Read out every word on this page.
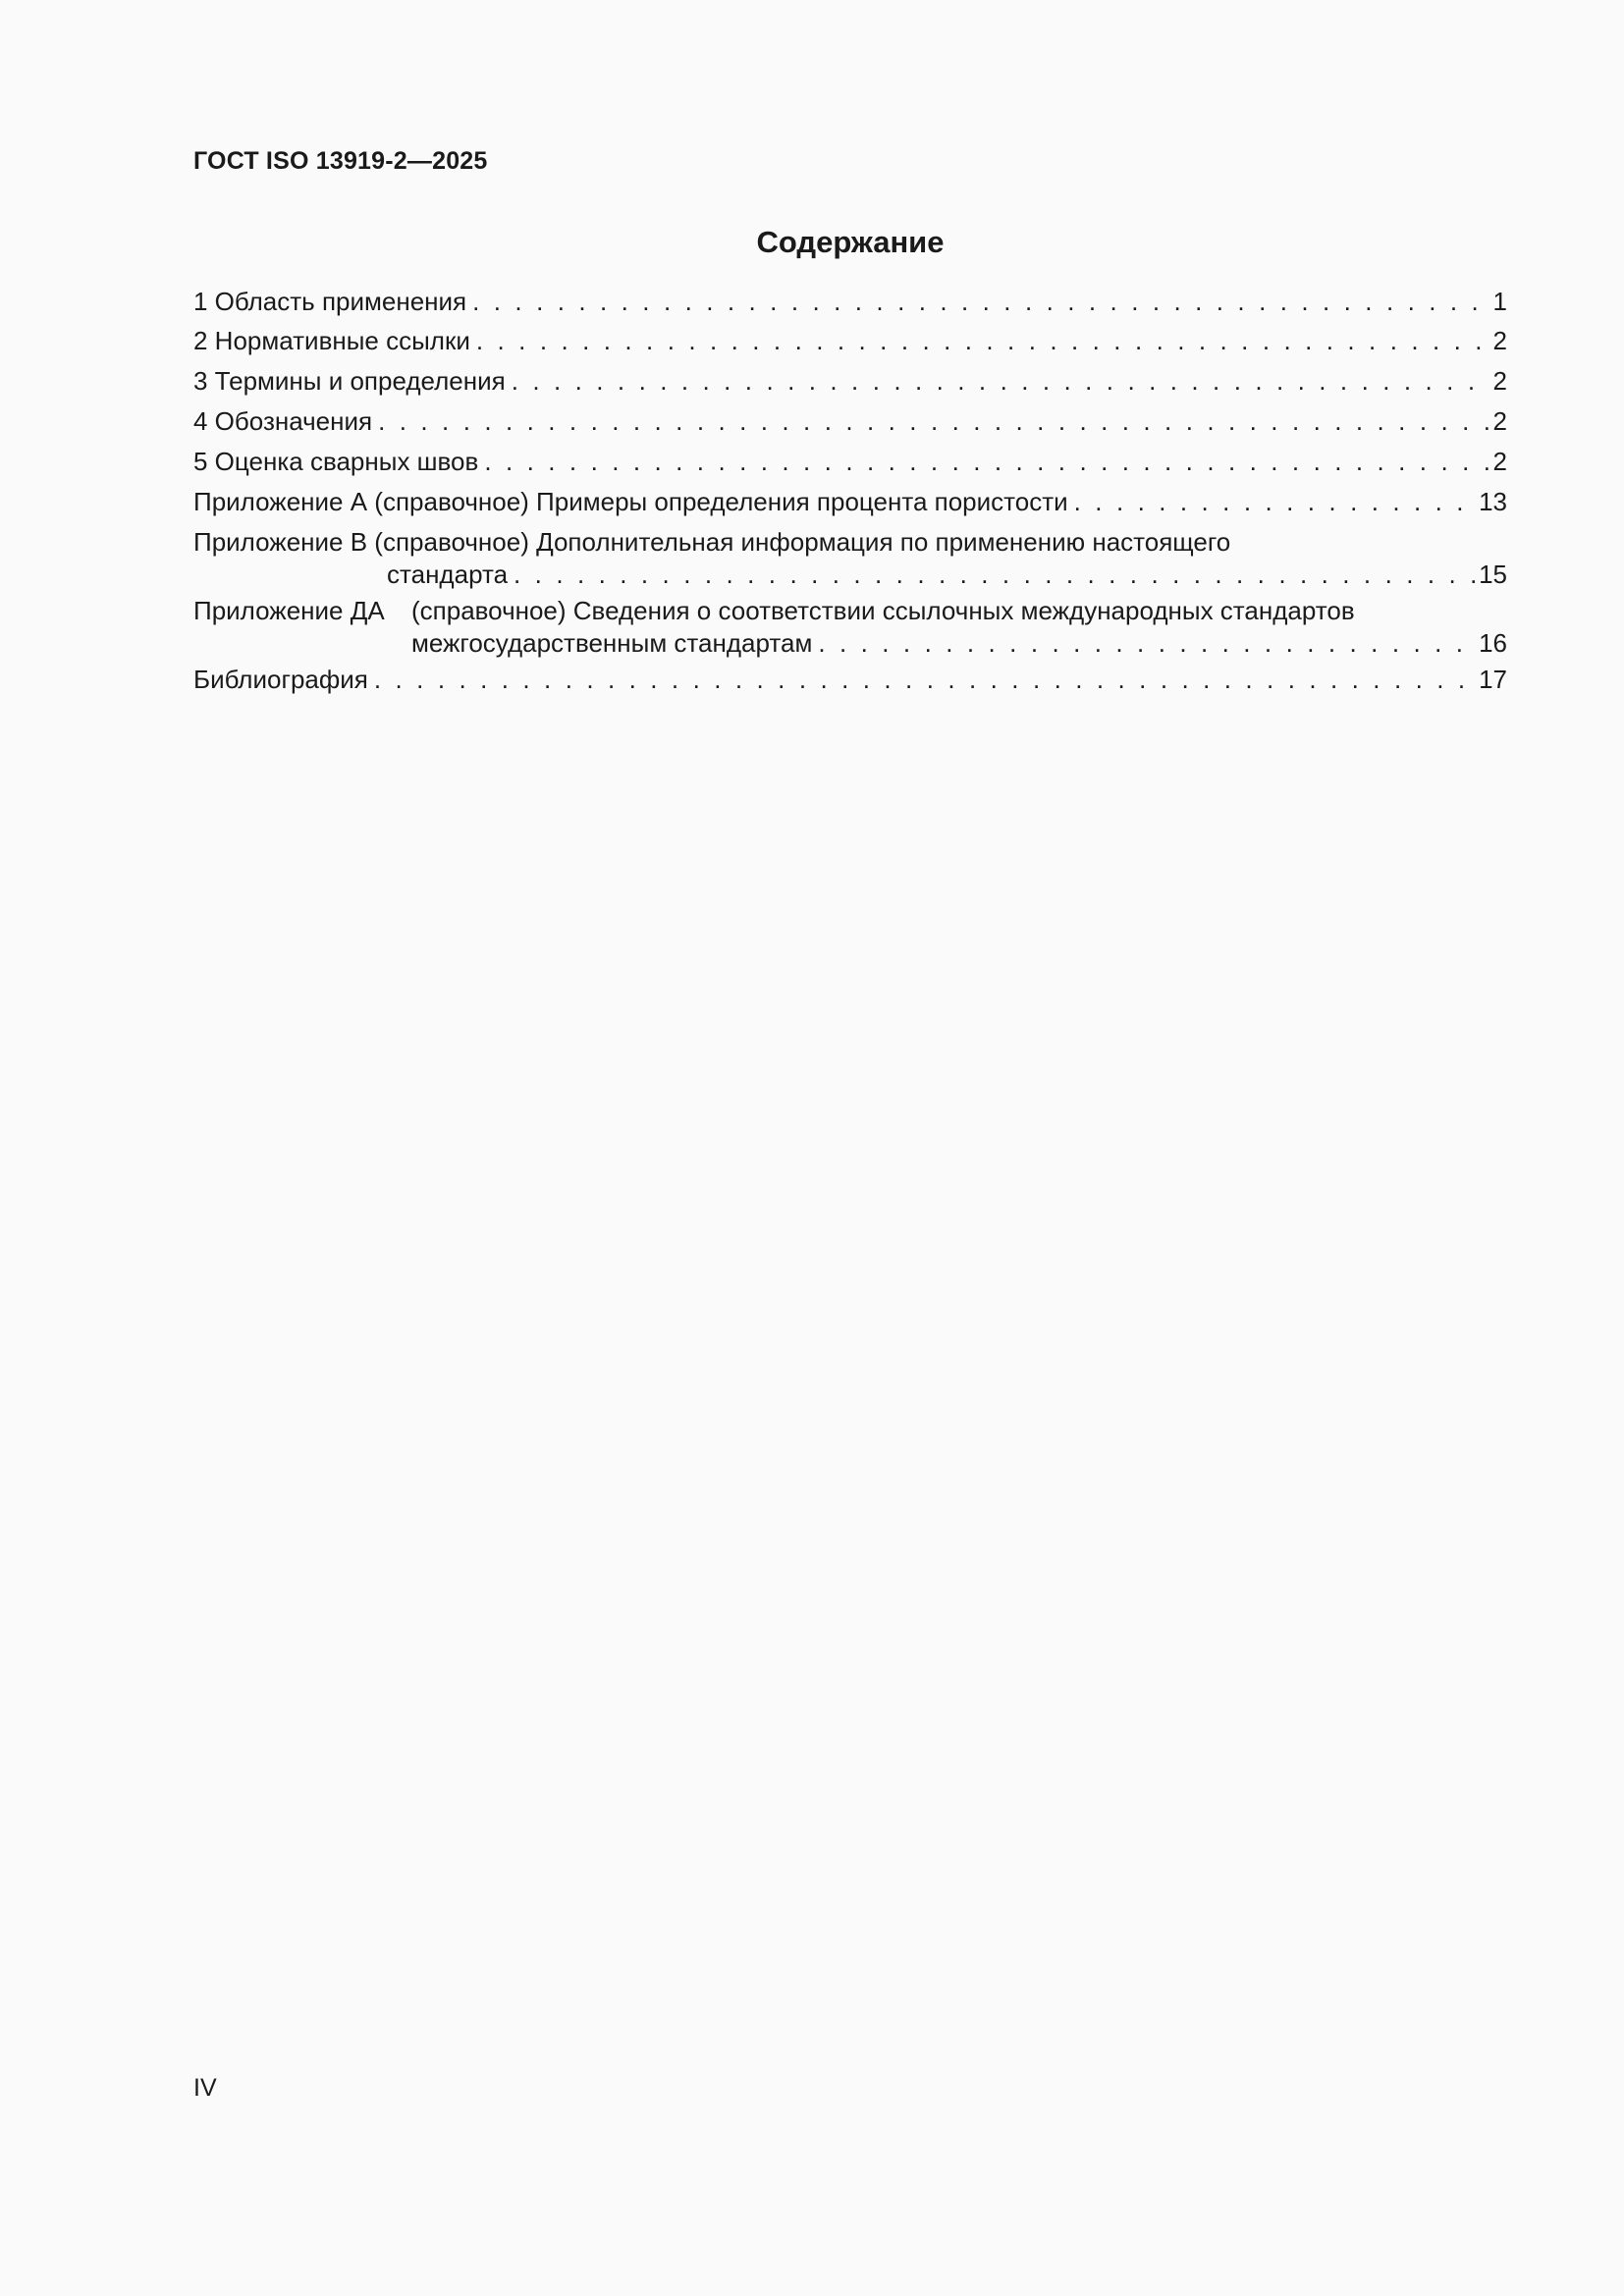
ГОСТ ISO 13919-2—2025
Содержание
1 Область применения . . .	1
2 Нормативные ссылки . . .	2
3 Термины и определения . . .	2
4 Обозначения . . .	2
5 Оценка сварных швов . . .	2
Приложение А (справочное) Примеры определения процента пористости . . .	13
Приложение В
(справочное) Дополнительная информация по применению настоящего
стандарта . . .	15
Приложение ДА	(справочное) Сведения о соответствии ссылочных международных стандартов
межгосударственным стандартам . . .	16
Библиография . . .	17

IV
